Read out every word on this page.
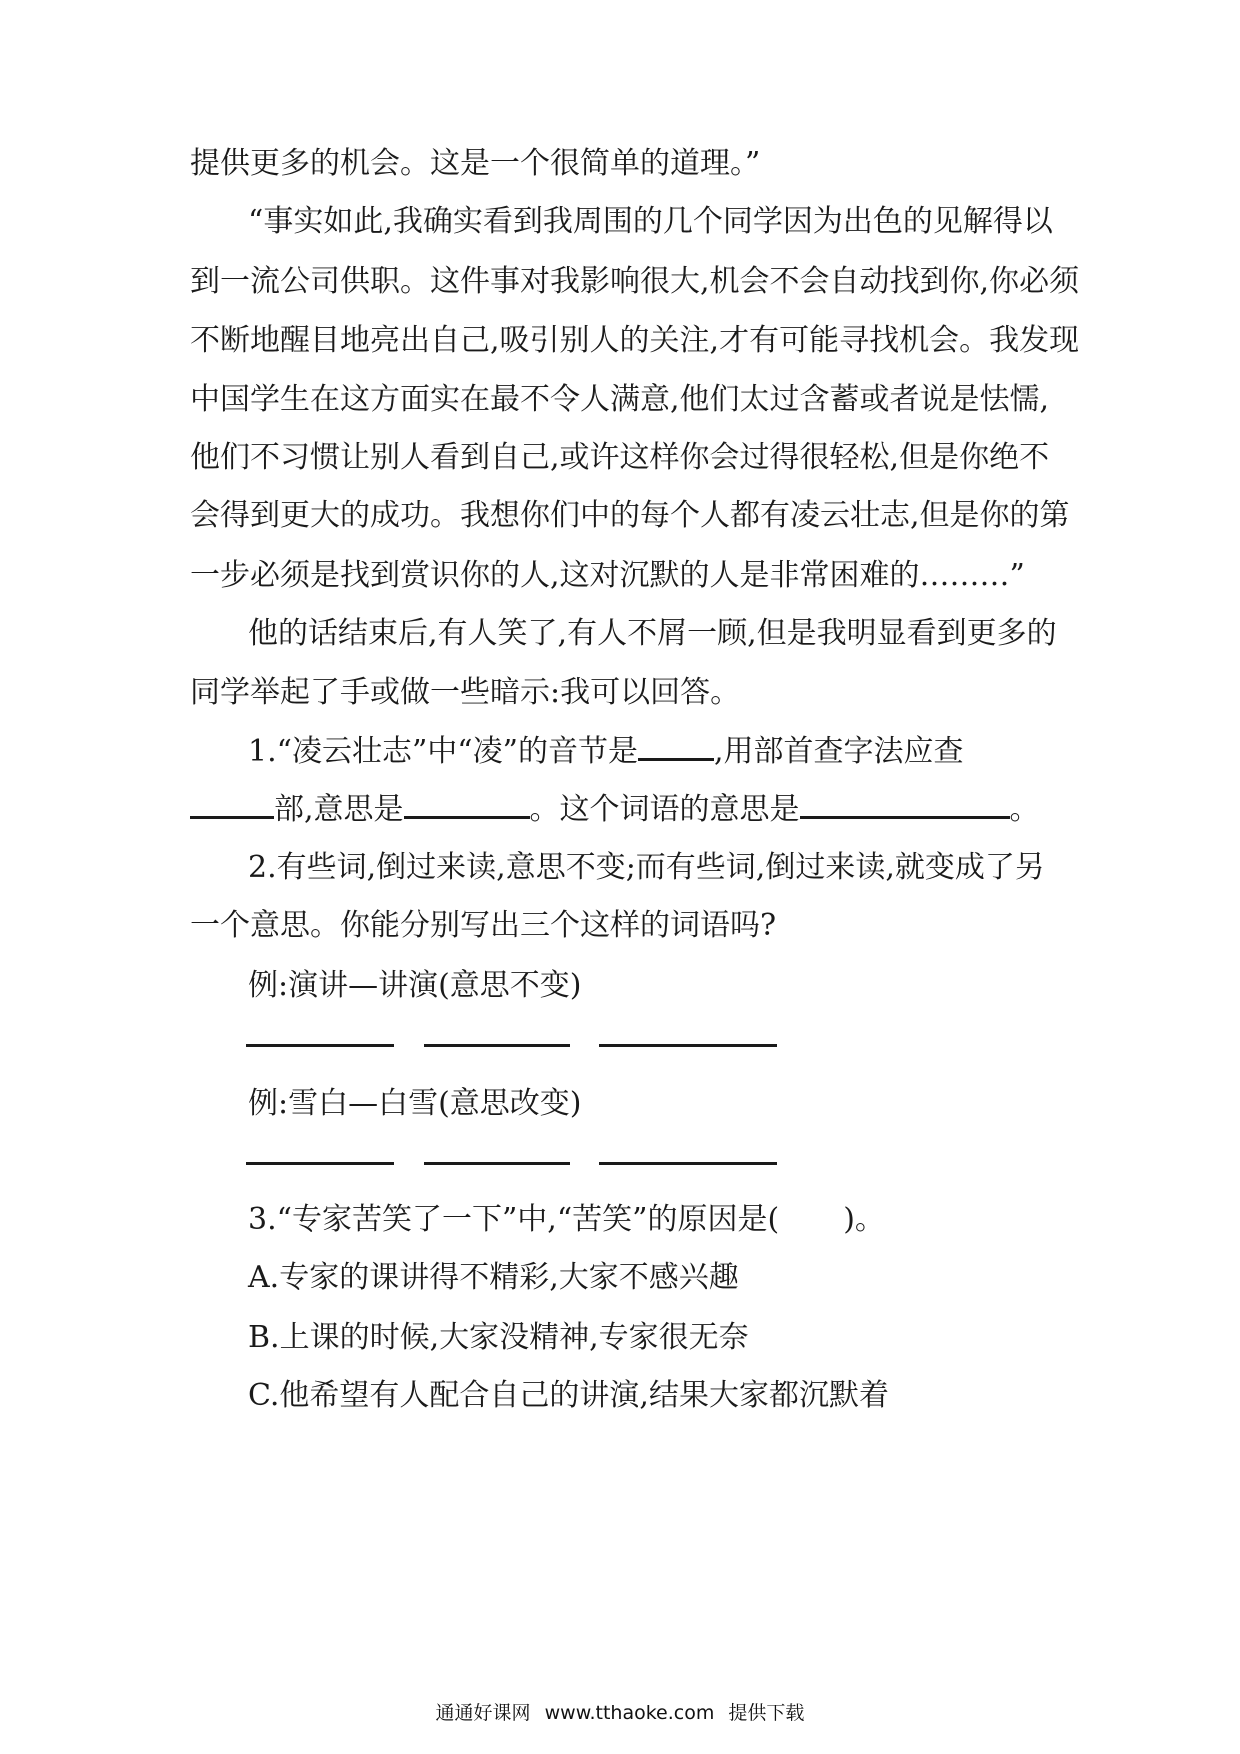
提供更多的机会。这是一个很简单的道理。”
“事实如此,我确实看到我周围的几个同学因为出色的见解得以
到一流公司供职。这件事对我影响很大,机会不会自动找到你,你必须
不断地醒目地亮出自己,吸引别人的关注,才有可能寻找机会。我发现
中国学生在这方面实在最不令人满意,他们太过含蓄或者说是怯懦,
他们不习惯让别人看到自己,或许这样你会过得很轻松,但是你绝不
会得到更大的成功。我想你们中的每个人都有凌云壮志,但是你的第
一步必须是找到赏识你的人,这对沉默的人是非常困难的………”
他的话结束后,有人笑了,有人不屑一顾,但是我明显看到更多的
同学举起了手或做一些暗示:我可以回答。
1.“凌云壮志”中“凌”的音节是	,用部首查字法应查
部,意思是	。这个词语的意思是	。
2.有些词,倒过来读,意思不变;而有些词,倒过来读,就变成了另
一个意思。你能分别写出三个这样的词语吗?
例:演讲—讲演(意思不变)
例:雪白—白雪(意思改变)
3.“专家苦笑了一下”中,“苦笑”的原因是( )。
A.专家的课讲得不精彩,大家不感兴趣
B.上课的时候,大家没精神,专家很无奈
C.他希望有人配合自己的讲演,结果大家都沉默着
通通好课网 www.tthaoke.com 提供下载
